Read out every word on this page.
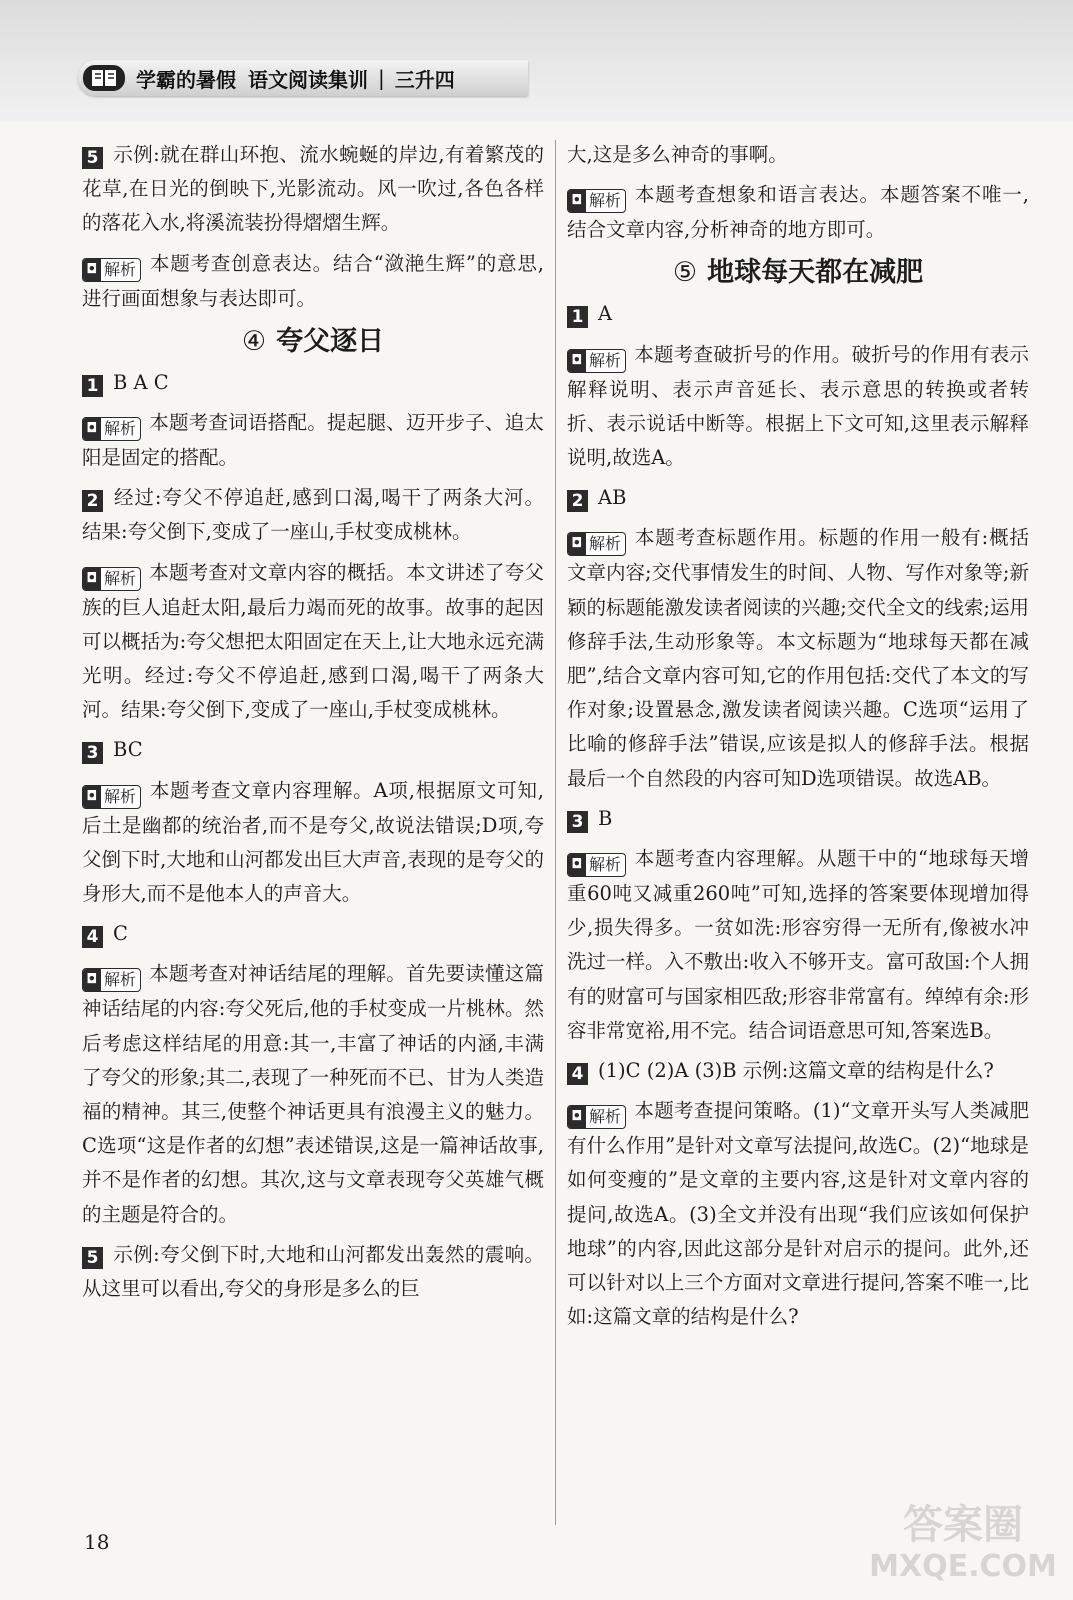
学霸的暑假 语文阅读集训 | 三升四

5 示例:就在群山环抱、流水蜿蜒的岸边,有着繁茂的花草,在日光的倒映下,光影流动。风一吹过,各色各样的落花入水,将溪流装扮得熠熠生辉。

◘ 解析 本题考查创意表达。结合“潋滟生辉”的意思,进行画面想象与表达即可。

④ 夸父逐日

1 B A C

◘ 解析 本题考查词语搭配。提起腿、迈开步子、追太阳是固定的搭配。

2 经过:夸父不停追赶,感到口渴,喝干了两条大河。 结果:夸父倒下,变成了一座山,手杖变成桃林。

◘ 解析 本题考查对文章内容的概括。本文讲述了夸父族的巨人追赶太阳,最后力竭而死的故事。故事的起因可以概括为:夸父想把太阳固定在天上,让大地永远充满光明。经过:夸父不停追赶,感到口渴,喝干了两条大河。结果:夸父倒下,变成了一座山,手杖变成桃林。

3 BC

◘ 解析 本题考查文章内容理解。A项,根据原文可知,后土是幽都的统治者,而不是夸父,故说法错误;D项,夸父倒下时,大地和山河都发出巨大声音,表现的是夸父的身形大,而不是他本人的声音大。

4 C

◘ 解析 本题考查对神话结尾的理解。首先要读懂这篇神话结尾的内容:夸父死后,他的手杖变成一片桃林。然后考虑这样结尾的用意:其一,丰富了神话的内涵,丰满了夸父的形象;其二,表现了一种死而不已、甘为人类造福的精神。其三,使整个神话更具有浪漫主义的魅力。C选项“这是作者的幻想”表述错误,这是一篇神话故事,并不是作者的幻想。其次,这与文章表现夸父英雄气概的主题是符合的。

5 示例:夸父倒下时,大地和山河都发出轰然的震响。从这里可以看出,夸父的身形是多么的巨

大,这是多么神奇的事啊。

◘ 解析 本题考查想象和语言表达。本题答案不唯一,结合文章内容,分析神奇的地方即可。

⑤ 地球每天都在减肥

1 A

◘ 解析 本题考查破折号的作用。破折号的作用有表示解释说明、表示声音延长、表示意思的转换或者转折、表示说话中断等。根据上下文可知,这里表示解释说明,故选A。

2 AB

◘ 解析 本题考查标题作用。标题的作用一般有:概括文章内容;交代事情发生的时间、人物、写作对象等;新颖的标题能激发读者阅读的兴趣;交代全文的线索;运用修辞手法,生动形象等。本文标题为“地球每天都在减肥”,结合文章内容可知,它的作用包括:交代了本文的写作对象;设置悬念,激发读者阅读兴趣。C选项“运用了比喻的修辞手法”错误,应该是拟人的修辞手法。根据最后一个自然段的内容可知D选项错误。故选AB。

3 B

◘ 解析 本题考查内容理解。从题干中的“地球每天增重60吨又减重260吨”可知,选择的答案要体现增加得少,损失得多。一贫如洗:形容穷得一无所有,像被水冲洗过一样。入不敷出:收入不够开支。富可敌国:个人拥有的财富可与国家相匹敌;形容非常富有。绰绰有余:形容非常宽裕,用不完。结合词语意思可知,答案选B。

4 (1)C (2)A (3)B 示例:这篇文章的结构是什么?

◘ 解析 本题考查提问策略。(1)“文章开头写人类减肥有什么作用”是针对文章写法提问,故选C。(2)“地球是如何变瘦的”是文章的主要内容,这是针对文章内容的提问,故选A。(3)全文并没有出现“我们应该如何保护地球”的内容,因此这部分是针对启示的提问。此外,还可以针对以上三个方面对文章进行提问,答案不唯一,比如:这篇文章的结构是什么?

18	答案圈
MXQE.COM
